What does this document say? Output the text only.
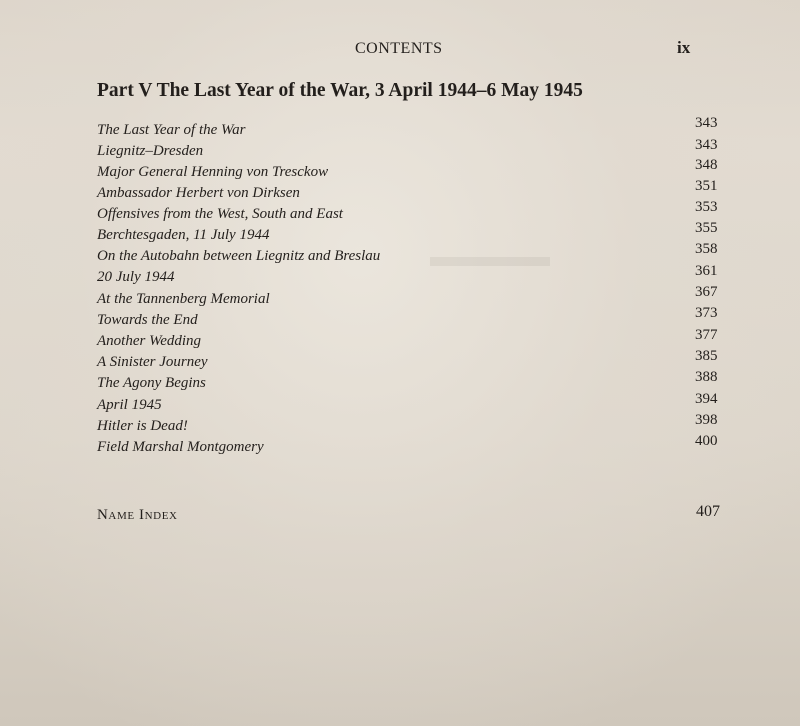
▬▬▬▬
CONTENTS	ix
Part V The Last Year of the War, 3 April 1944–6 May 1945
The Last Year of the War	343
Liegnitz–Dresden	343
Major General Henning von Tresckow	348
Ambassador Herbert von Dirksen	351
Offensives from the West, South and East	353
Berchtesgaden, 11 July 1944	355
On the Autobahn between Liegnitz and Breslau	358
20 July 1944	361
At the Tannenberg Memorial	367
Towards the End	373
Another Wedding	377
A Sinister Journey	385
The Agony Begins	388
April 1945	394
Hitler is Dead!	398
Field Marshal Montgomery	400
Name Index	407
